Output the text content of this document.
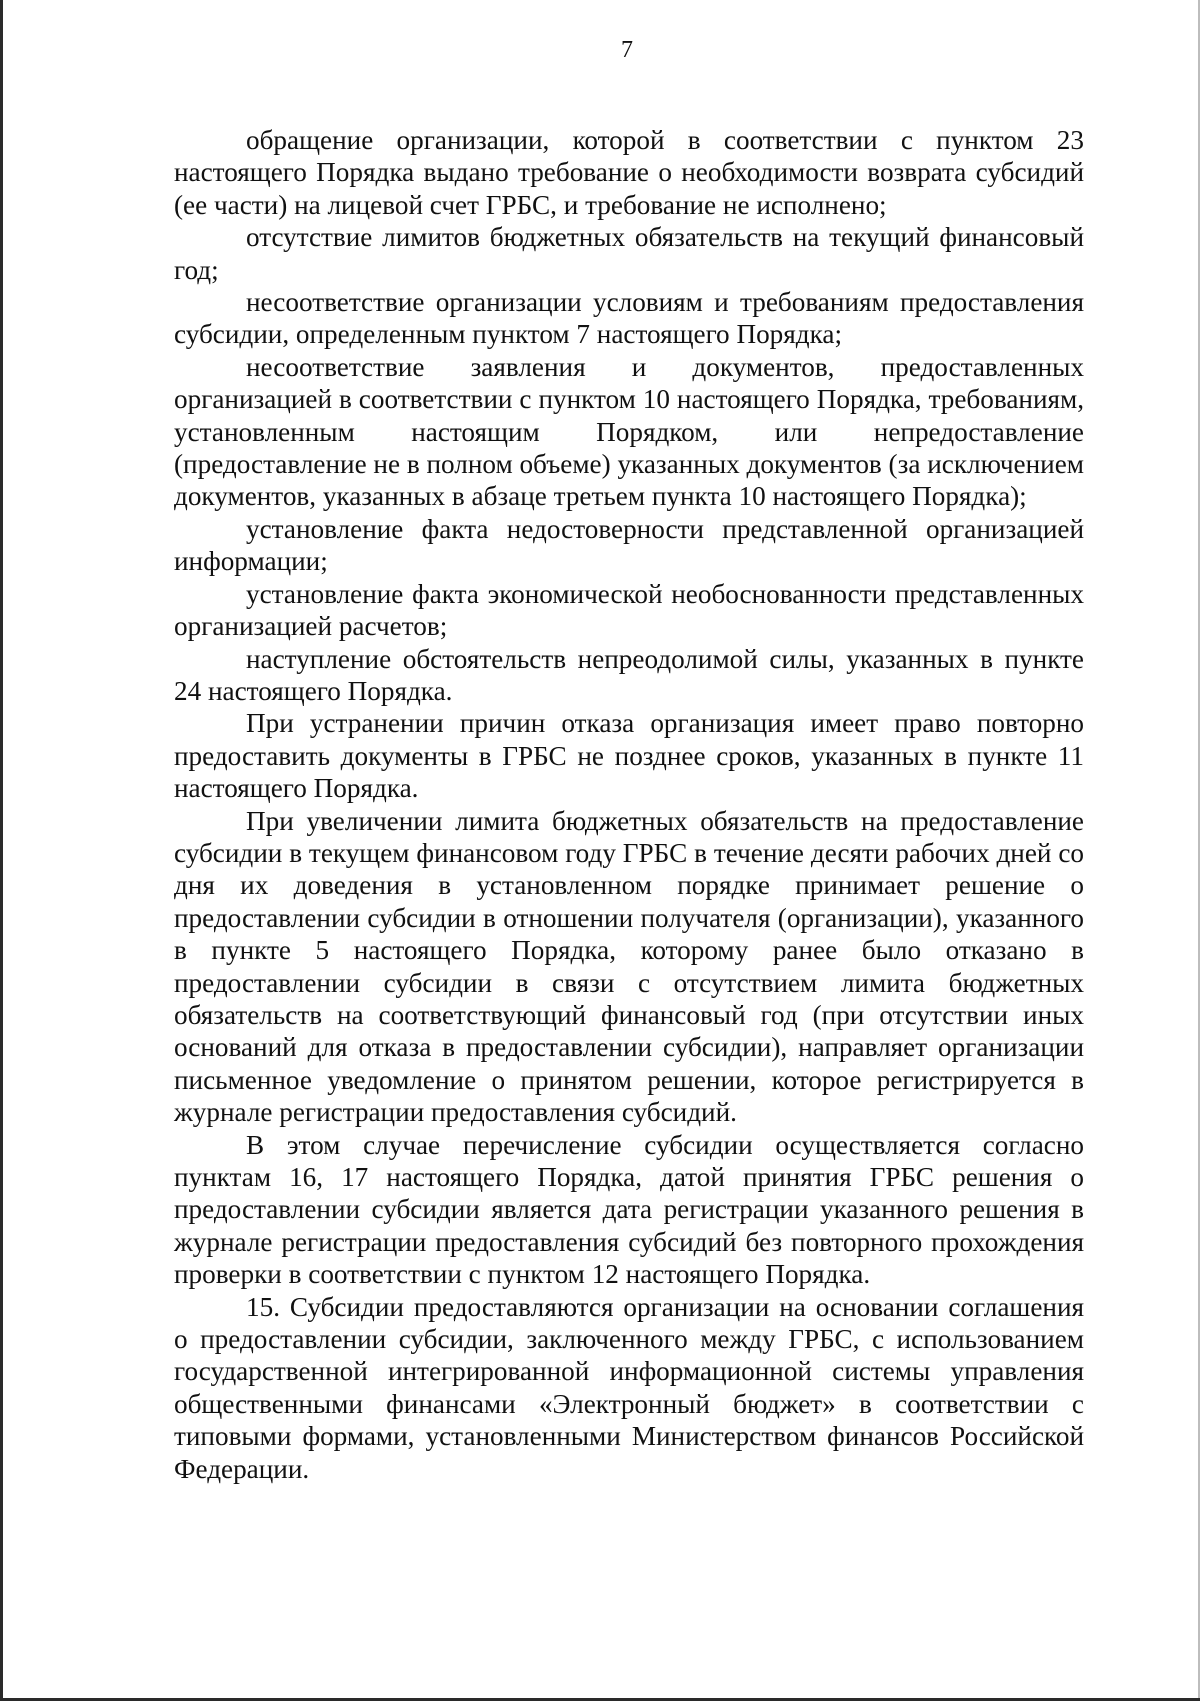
7

обращение организации, которой в соответствии с пунктом 23 настоящего Порядка выдано требование о необходимости возврата субсидий (ее части) на лицевой счет ГРБС, и требование не исполнено;

отсутствие лимитов бюджетных обязательств на текущий финансовый год;

несоответствие организации условиям и требованиям предоставления субсидии, определенным пунктом 7 настоящего Порядка;

несоответствие заявления и документов, предоставленных организацией в соответствии с пунктом 10 настоящего Порядка, требованиям, установленным настоящим Порядком, или непредоставление (предоставление не в полном объеме) указанных документов (за исключением документов, указанных в абзаце третьем пункта 10 настоящего Порядка);

установление факта недостоверности представленной организацией информации;

установление факта экономической необоснованности представленных организацией расчетов;

наступление обстоятельств непреодолимой силы, указанных в пункте 24 настоящего Порядка.

При устранении причин отказа организация имеет право повторно предоставить документы в ГРБС не позднее сроков, указанных в пункте 11 настоящего Порядка.

При увеличении лимита бюджетных обязательств на предоставление субсидии в текущем финансовом году ГРБС в течение десяти рабочих дней со дня их доведения в установленном порядке принимает решение о предоставлении субсидии в отношении получателя (организации), указанного в пункте 5 настоящего Порядка, которому ранее было отказано в предоставлении субсидии в связи с отсутствием лимита бюджетных обязательств на соответствующий финансовый год (при отсутствии иных оснований для отказа в предоставлении субсидии), направляет организации письменное уведомление о принятом решении, которое регистрируется в журнале регистрации предоставления субсидий.

В этом случае перечисление субсидии осуществляется согласно пунктам 16, 17 настоящего Порядка, датой принятия ГРБС решения о предоставлении субсидии является дата регистрации указанного решения в журнале регистрации предоставления субсидий без повторного прохождения проверки в соответствии с пунктом 12 настоящего Порядка.

15. Субсидии предоставляются организации на основании соглашения о предоставлении субсидии, заключенного между ГРБС, с использованием государственной интегрированной информационной системы управления общественными финансами «Электронный бюджет» в соответствии с типовыми формами, установленными Министерством финансов Российской Федерации.
